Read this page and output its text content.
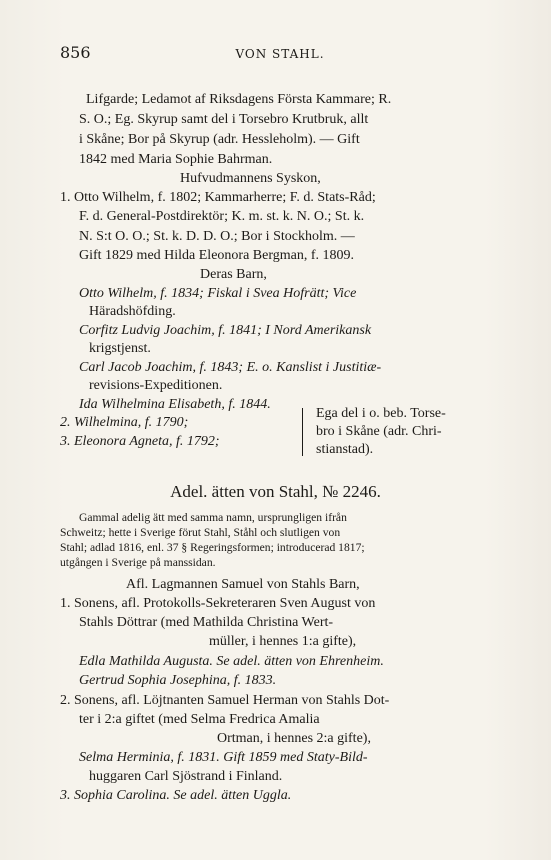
856	VON STAHL.
Lifgarde; Ledamot af Riksdagens Första Kammare; R.
S. O.; Eg. Skyrup samt del i Torsebro Krutbruk, allt
i Skåne; Bor på Skyrup (adr. Hessleholm). — Gift
1842 med Maria Sophie Bahrman.
Hufvudmannens Syskon,
1. Otto Wilhelm, f. 1802; Kammarherre; F. d. Stats-Råd;
F. d. General-Postdirektör; K. m. st. k. N. O.; St. k.
N. S:t O. O.; St. k. D. D. O.; Bor i Stockholm. —
Gift 1829 med Hilda Eleonora Bergman, f. 1809.
Deras Barn,
Otto Wilhelm, f. 1834; Fiskal i Svea Hofrätt; Vice
Häradshöfding.
Corfitz Ludvig Joachim, f. 1841; I Nord Amerikansk
krigstjenst.
Carl Jacob Joachim, f. 1843; E. o. Kanslist i Justitiæ-
revisions-Expeditionen.
Ida Wilhelmina Elisabeth, f. 1844.
2. Wilhelmina, f. 1790;
3. Eleonora Agneta, f. 1792;
Ega del i o. beb. Torse-
bro i Skåne (adr. Chri-
stianstad).
Adel. ätten von Stahl, № 2246.
Gammal adelig ätt med samma namn, ursprungligen ifrån
Schweitz; hette i Sverige förut Stahl, Ståhl och slutligen von
Stahl; adlad 1816, enl. 37 § Regeringsformen; introducerad 1817;
utgången i Sverige på manssidan.
Afl. Lagmannen Samuel von Stahls Barn,
1. Sonens, afl. Protokolls-Sekreteraren Sven August von
Stahls Döttrar (med Mathilda Christina Wert-
müller, i hennes 1:a gifte),
Edla Mathilda Augusta. Se adel. ätten von Ehrenheim.
Gertrud Sophia Josephina, f. 1833.
2. Sonens, afl. Löjtnanten Samuel Herman von Stahls Dot-
ter i 2:a giftet (med Selma Fredrica Amalia
Ortman, i hennes 2:a gifte),
Selma Herminia, f. 1831. Gift 1859 med Staty-Bild-
huggaren Carl Sjöstrand i Finland.
3. Sophia Carolina. Se adel. ätten Uggla.
